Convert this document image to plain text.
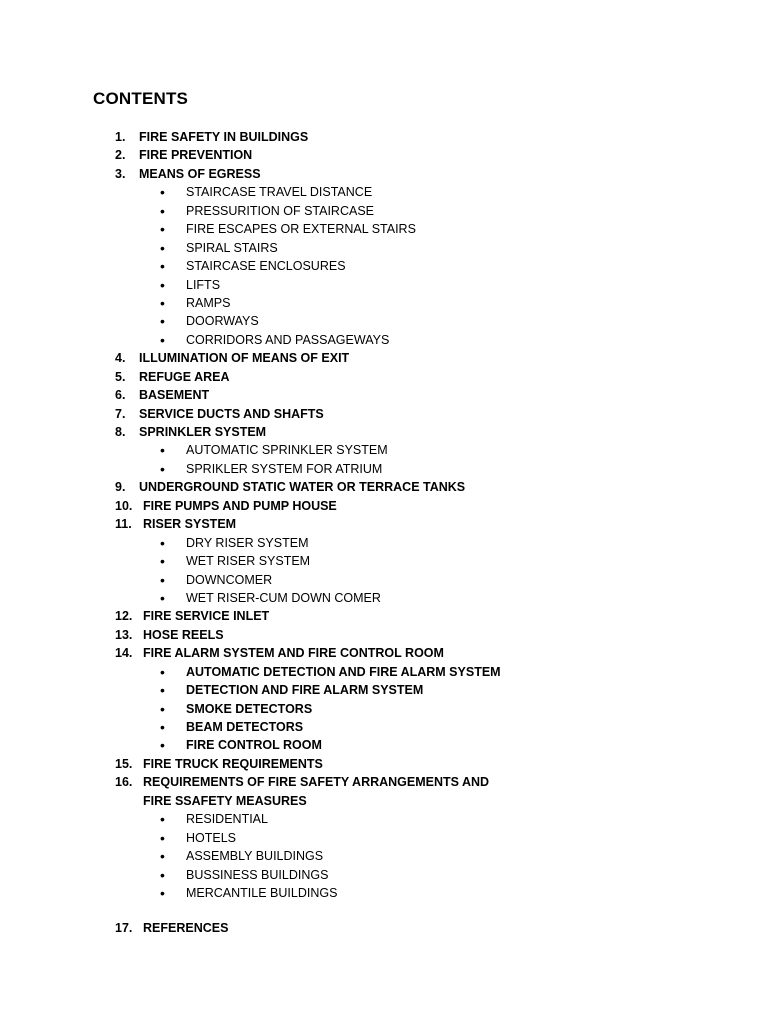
CONTENTS
1. FIRE SAFETY IN BUILDINGS
2. FIRE PREVENTION
3. MEANS OF EGRESS
• STAIRCASE TRAVEL DISTANCE
• PRESSURITION OF STAIRCASE
• FIRE ESCAPES OR EXTERNAL STAIRS
• SPIRAL STAIRS
• STAIRCASE ENCLOSURES
• LIFTS
• RAMPS
• DOORWAYS
• CORRIDORS AND PASSAGEWAYS
4. ILLUMINATION OF MEANS OF EXIT
5. REFUGE AREA
6. BASEMENT
7. SERVICE DUCTS AND SHAFTS
8. SPRINKLER SYSTEM
• AUTOMATIC SPRINKLER SYSTEM
• SPRIKLER SYSTEM FOR ATRIUM
9. UNDERGROUND STATIC WATER OR TERRACE TANKS
10. FIRE PUMPS AND PUMP HOUSE
11. RISER SYSTEM
• DRY RISER SYSTEM
• WET RISER SYSTEM
• DOWNCOMER
• WET RISER-CUM DOWN COMER
12. FIRE SERVICE INLET
13. HOSE REELS
14. FIRE ALARM SYSTEM AND FIRE CONTROL ROOM
• AUTOMATIC DETECTION AND FIRE ALARM SYSTEM
• DETECTION AND FIRE ALARM SYSTEM
• SMOKE DETECTORS
• BEAM DETECTORS
• FIRE CONTROL ROOM
15. FIRE TRUCK REQUIREMENTS
16. REQUIREMENTS OF FIRE SAFETY ARRANGEMENTS AND
FIRE SSAFETY MEASURES
• RESIDENTIAL
• HOTELS
• ASSEMBLY BUILDINGS
• BUSSINESS BUILDINGS
• MERCANTILE BUILDINGS
17. REFERENCES
